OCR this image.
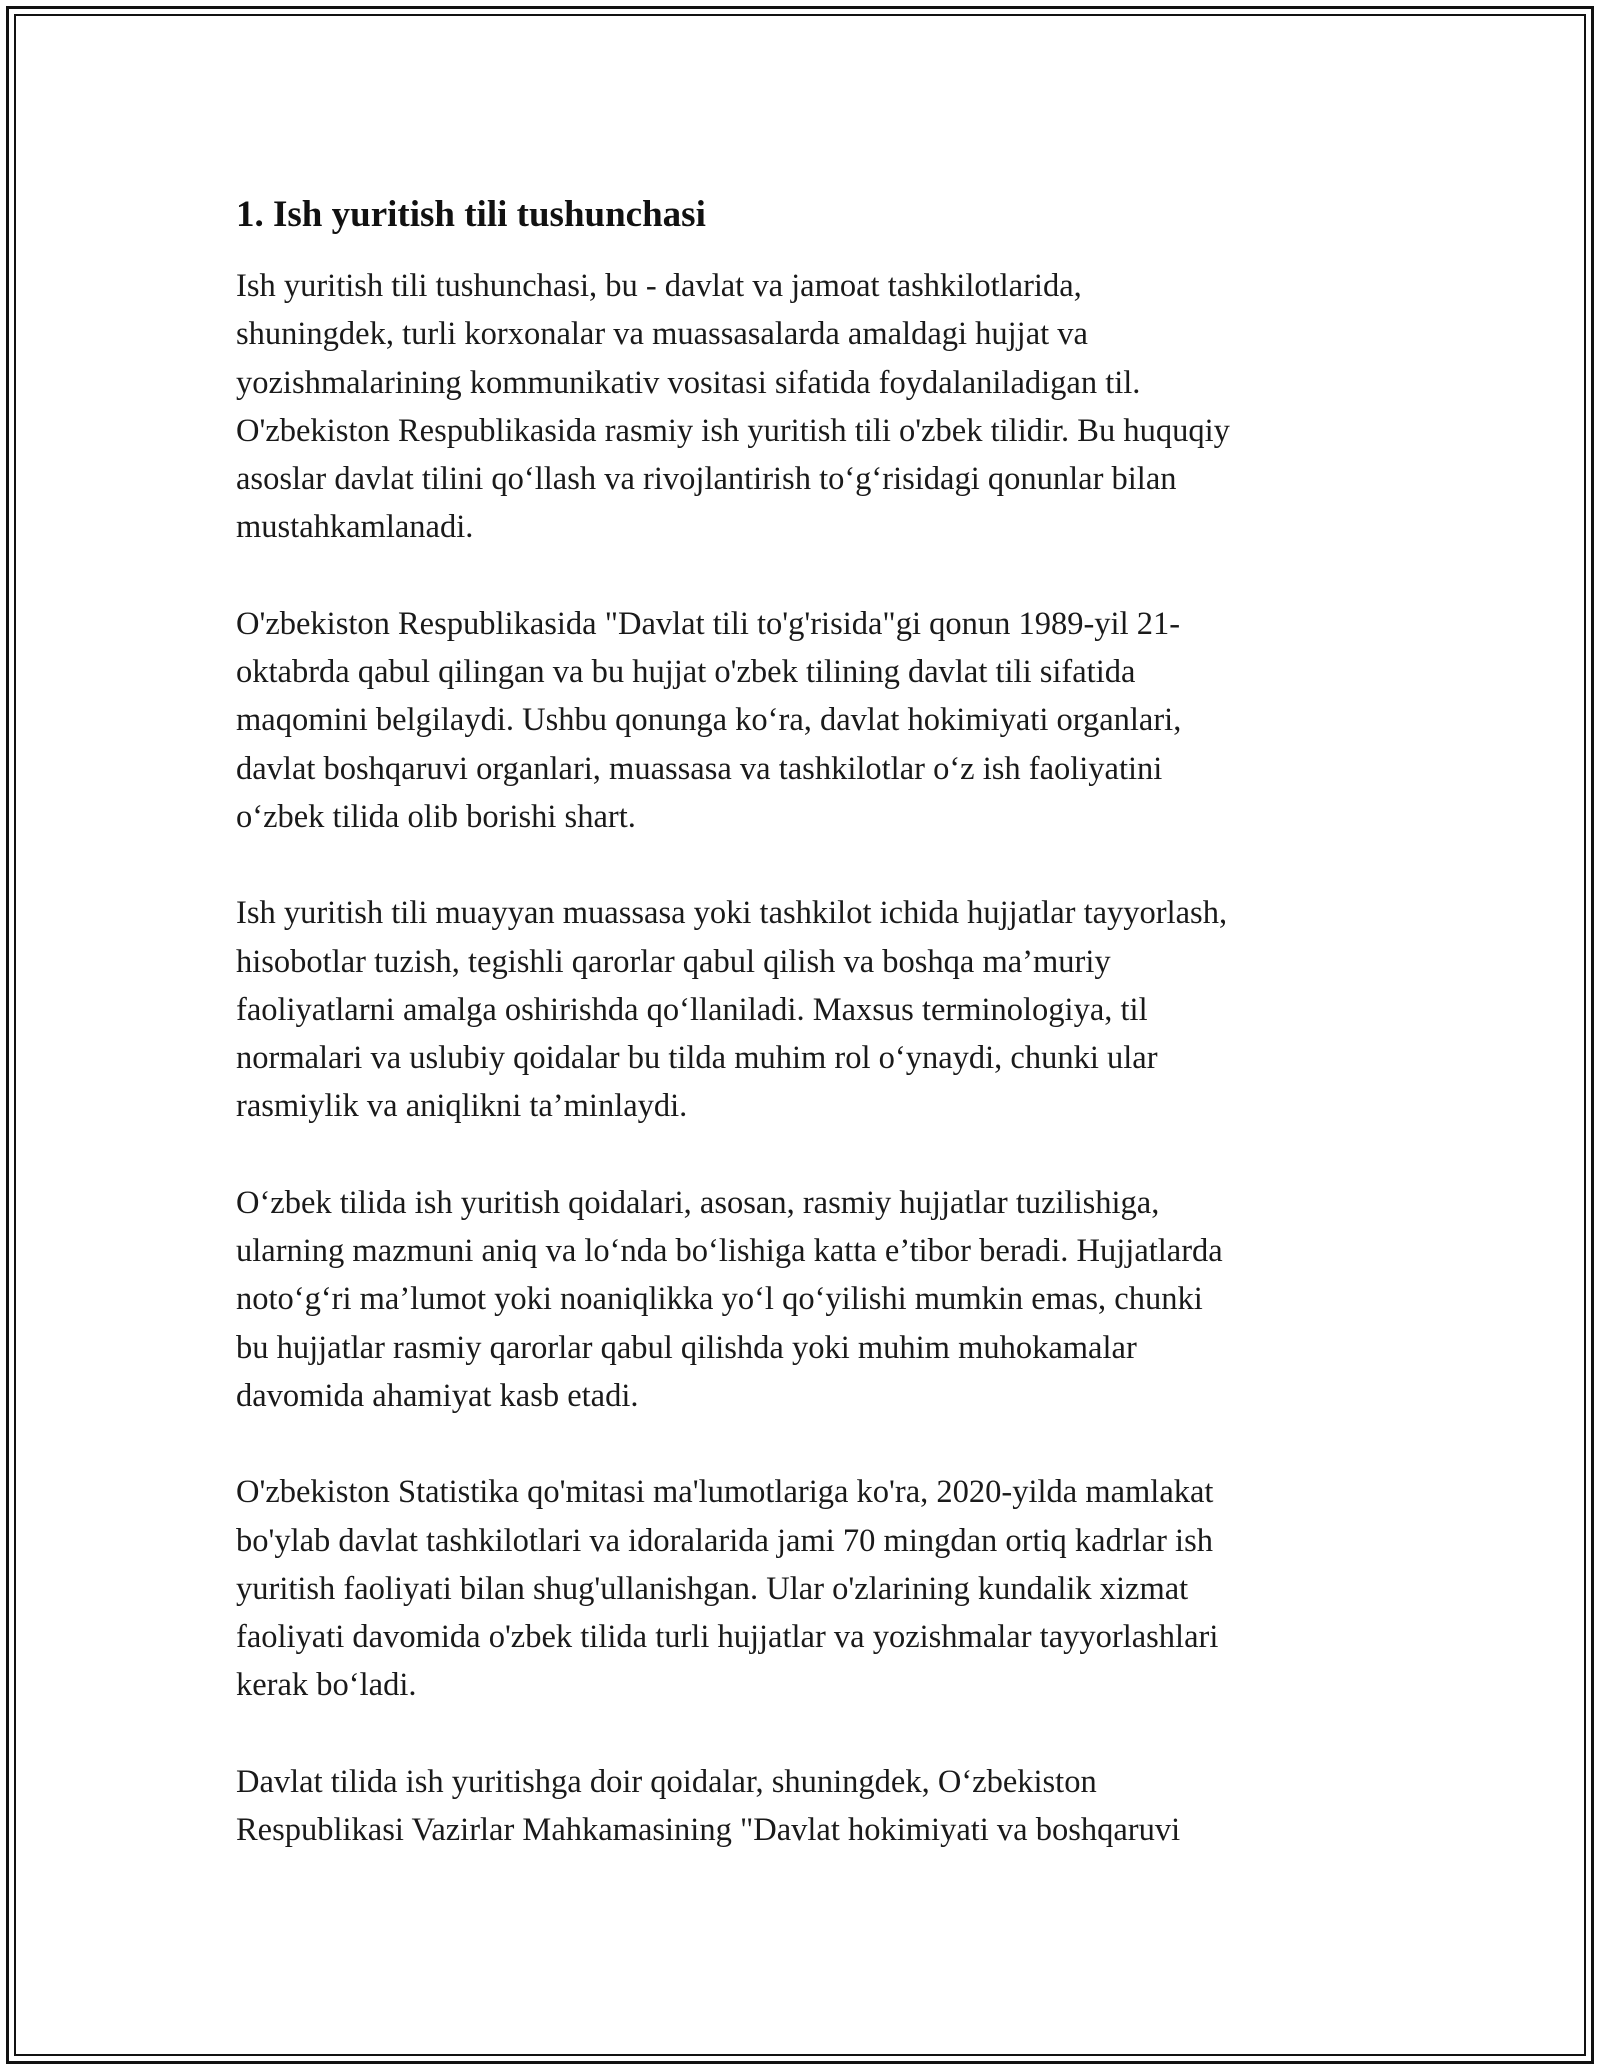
1. Ish yuritish tili tushunchasi

Ish yuritish tili tushunchasi, bu - davlat va jamoat tashkilotlarida,
shuningdek, turli korxonalar va muassasalarda amaldagi hujjat va
yozishmalarining kommunikativ vositasi sifatida foydalaniladigan til.
O'zbekiston Respublikasida rasmiy ish yuritish tili o'zbek tilidir. Bu huquqiy
asoslar davlat tilini qo‘llash va rivojlantirish to‘g‘risidagi qonunlar bilan
mustahkamlanadi.

O'zbekiston Respublikasida "Davlat tili to'g'risida"gi qonun 1989-yil 21-
oktabrda qabul qilingan va bu hujjat o'zbek tilining davlat tili sifatida
maqomini belgilaydi. Ushbu qonunga ko‘ra, davlat hokimiyati organlari,
davlat boshqaruvi organlari, muassasa va tashkilotlar o‘z ish faoliyatini
o‘zbek tilida olib borishi shart.

Ish yuritish tili muayyan muassasa yoki tashkilot ichida hujjatlar tayyorlash,
hisobotlar tuzish, tegishli qarorlar qabul qilish va boshqa ma’muriy
faoliyatlarni amalga oshirishda qo‘llaniladi. Maxsus terminologiya, til
normalari va uslubiy qoidalar bu tilda muhim rol o‘ynaydi, chunki ular
rasmiylik va aniqlikni ta’minlaydi.

O‘zbek tilida ish yuritish qoidalari, asosan, rasmiy hujjatlar tuzilishiga,
ularning mazmuni aniq va lo‘nda bo‘lishiga katta e’tibor beradi. Hujjatlarda
noto‘g‘ri ma’lumot yoki noaniqlikka yo‘l qo‘yilishi mumkin emas, chunki
bu hujjatlar rasmiy qarorlar qabul qilishda yoki muhim muhokamalar
davomida ahamiyat kasb etadi.

O'zbekiston Statistika qo'mitasi ma'lumotlariga ko'ra, 2020-yilda mamlakat
bo'ylab davlat tashkilotlari va idoralarida jami 70 mingdan ortiq kadrlar ish
yuritish faoliyati bilan shug'ullanishgan. Ular o'zlarining kundalik xizmat
faoliyati davomida o'zbek tilida turli hujjatlar va yozishmalar tayyorlashlari
kerak bo‘ladi.

Davlat tilida ish yuritishga doir qoidalar, shuningdek, O‘zbekiston
Respublikasi Vazirlar Mahkamasining "Davlat hokimiyati va boshqaruvi
